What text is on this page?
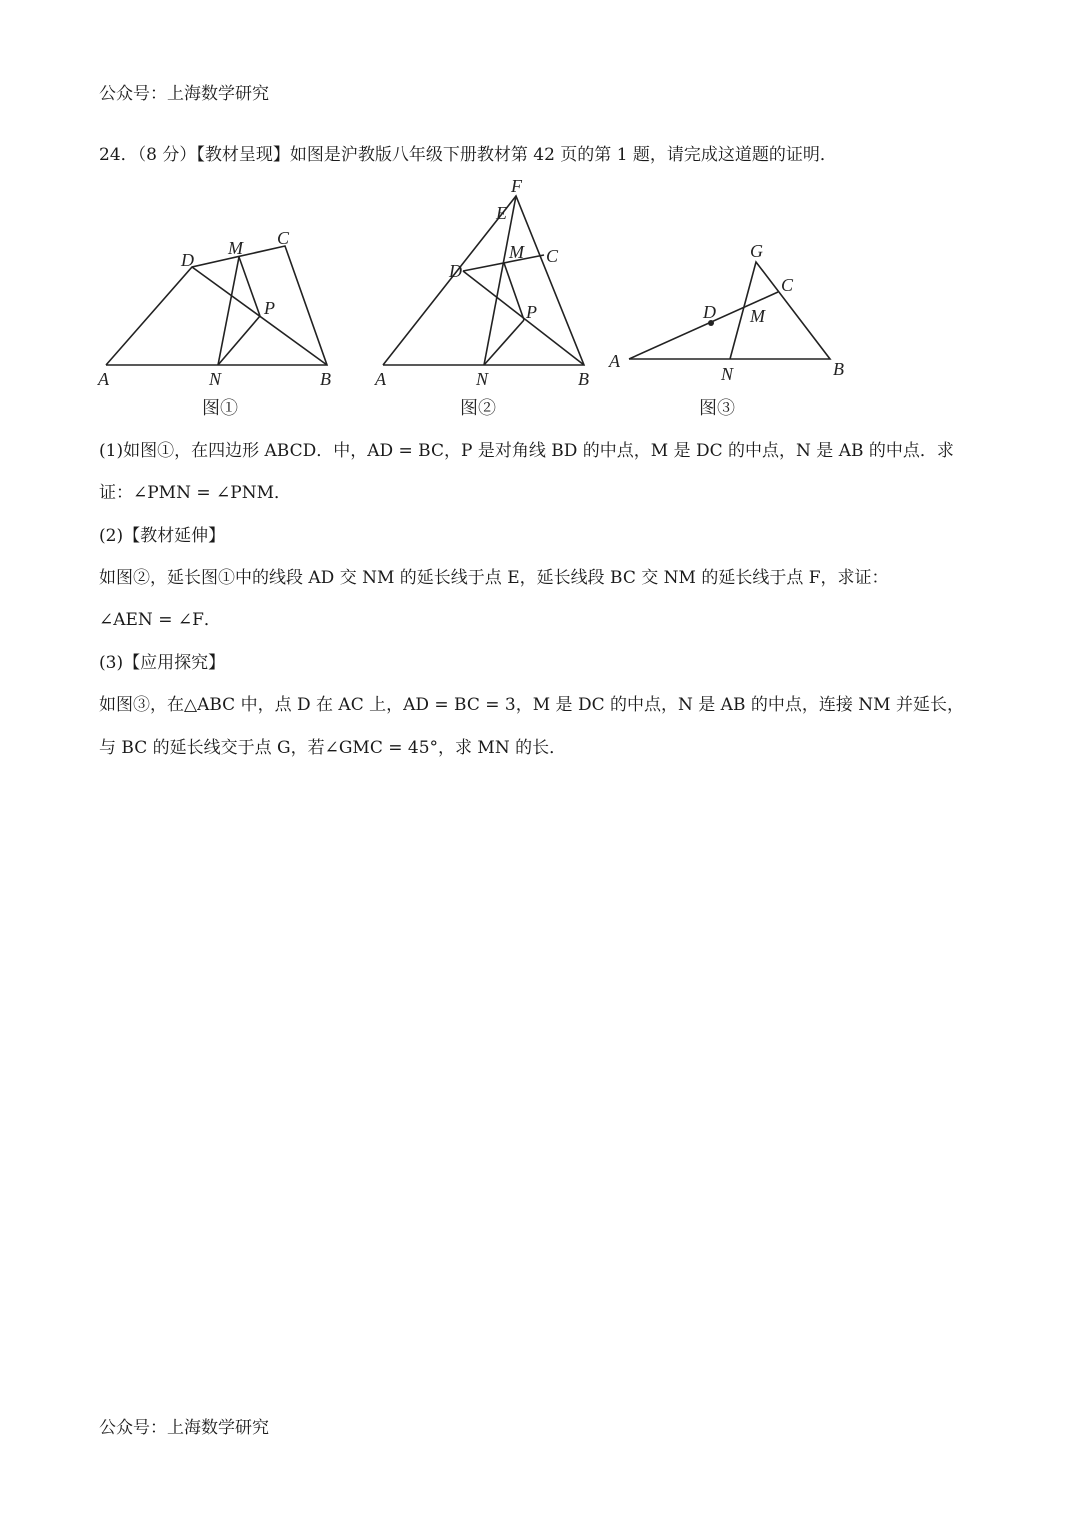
公众号：上海数学研究
24．（8 分）【教材呈现】如图是沪教版八年级下册教材第 42 页的第 1 题，请完成这道题的证明．
A	B
C
D
M
N
P
图①
A	B
C
D
E
F
M
N
P
图②
A	B
C
D
G
M
N
图③
(1)如图①，在四边形 ABCD．中，AD = BC，P 是对角线 BD 的中点，M 是 DC 的中点，N 是 AB 的中点．求
证：∠PMN = ∠PNM．
(2)【教材延伸】
如图②，延长图①中的线段 AD 交 NM 的延长线于点 E，延长线段 BC 交 NM 的延长线于点 F，求证：
∠AEN = ∠F．
(3)【应用探究】
如图③，在△ABC 中，点 D 在 AC 上，AD = BC = 3，M 是 DC 的中点，N 是 AB 的中点，连接 NM 并延长，
与 BC 的延长线交于点 G，若∠GMC = 45°，求 MN 的长．
公众号：上海数学研究
